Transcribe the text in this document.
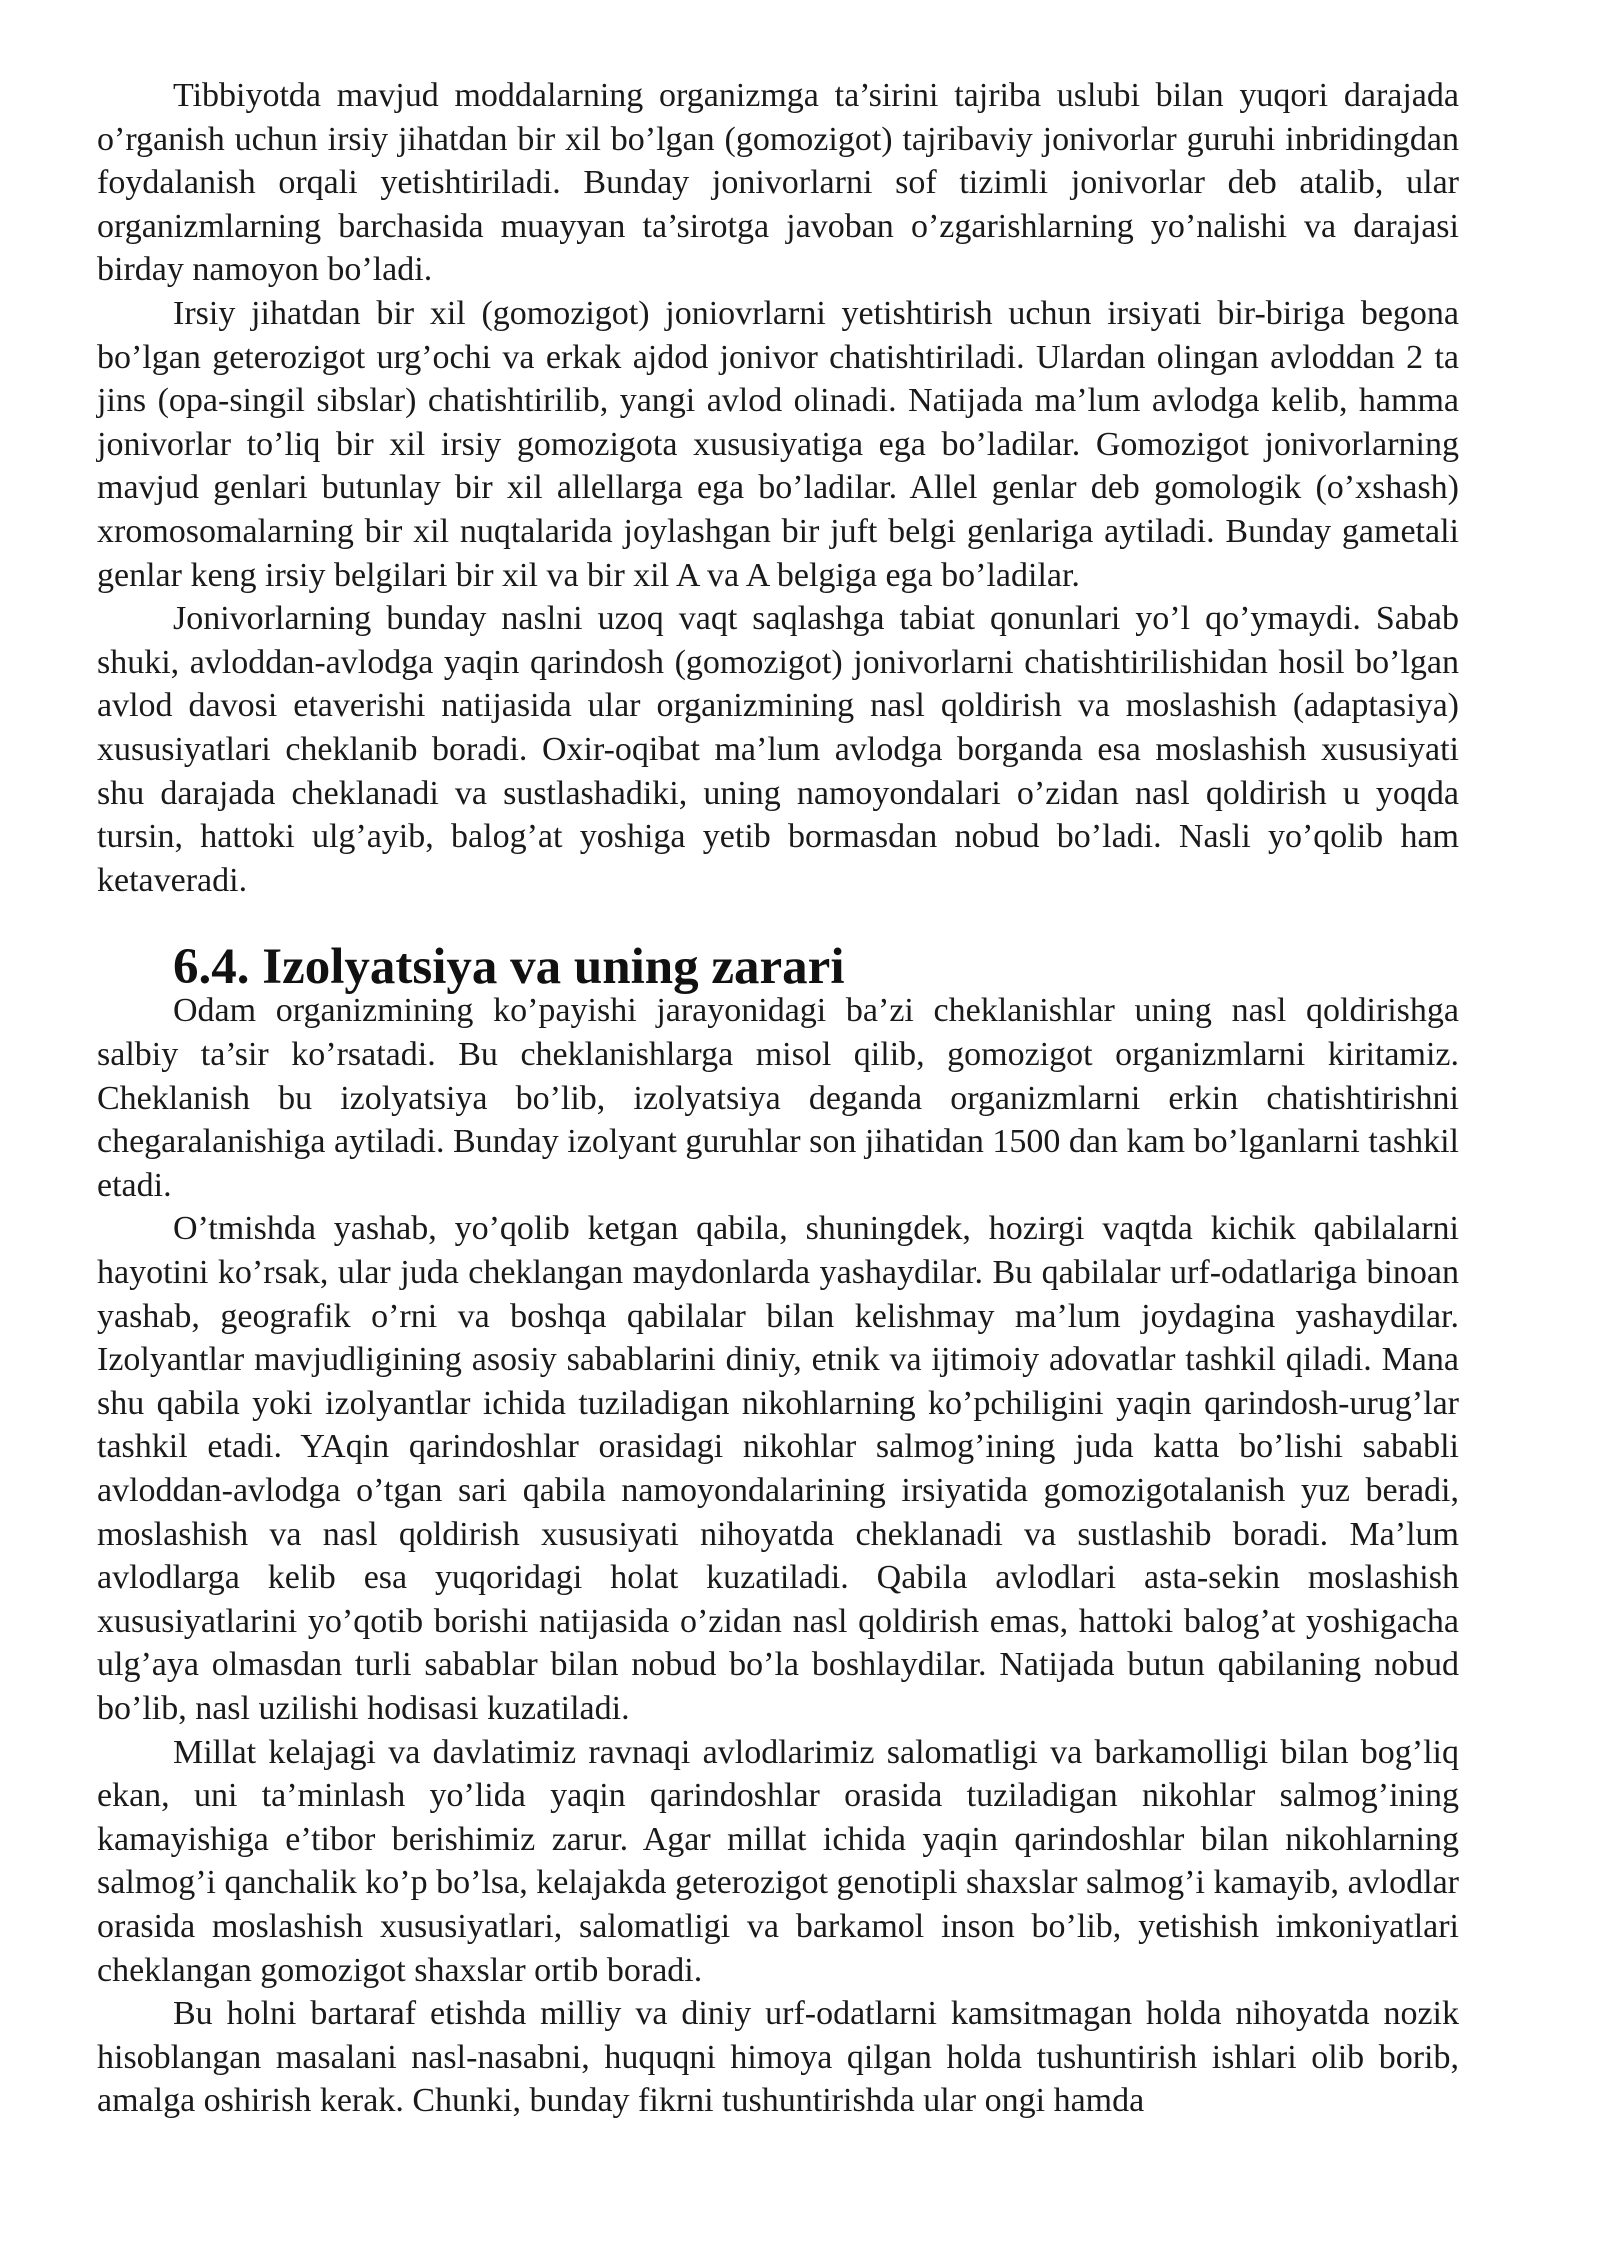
Tibbiyotda mavjud moddalarning organizmga ta’sirini tajriba uslubi bilan yuqori darajada o’rganish uchun irsiy jihatdan bir xil bo’lgan (gomozigot) tajribaviy jonivorlar guruhi inbridingdan foydalanish orqali yetishtiriladi. Bunday jonivorlarni sof tizimli jonivorlar deb atalib, ular organizmlarning barchasida muayyan ta’sirotga javoban o’zgarishlarning yo’nalishi va darajasi birday namoyon bo’ladi.

Irsiy jihatdan bir xil (gomozigot) joniovrlarni yetishtirish uchun irsiyati bir-biriga begona bo’lgan geterozigot urg’ochi va erkak ajdod jonivor chatishtiriladi. Ulardan olingan avloddan 2 ta jins (opa-singil sibslar) chatishtirilib, yangi avlod olinadi. Natijada ma’lum avlodga kelib, hamma jonivorlar to’liq bir xil irsiy gomozigota xususiyatiga ega bo’ladilar. Gomozigot jonivorlarning mavjud genlari butunlay bir xil allellarga ega bo’ladilar. Allel genlar deb gomologik (o’xshash) xromosomalarning bir xil nuqtalarida joylashgan bir juft belgi genlariga aytiladi. Bunday gametali genlar keng irsiy belgilari bir xil va bir xil A va A belgiga ega bo’ladilar.

Jonivorlarning bunday naslni uzoq vaqt saqlashga tabiat qonunlari yo’l qo’ymaydi. Sabab shuki, avloddan-avlodga yaqin qarindosh (gomozigot) jonivorlarni chatishtirilishidan hosil bo’lgan avlod davosi etaverishi natijasida ular organizmining nasl qoldirish va moslashish (adaptasiya) xususiyatlari cheklanib boradi. Oxir-oqibat ma’lum avlodga borganda esa moslashish xususiyati shu darajada cheklanadi va sustlashadiki, uning namoyondalari o’zidan nasl qoldirish u yoqda tursin, hattoki ulg’ayib, balog’at yoshiga yetib bormasdan nobud bo’ladi. Nasli yo’qolib ham ketaveradi.

6.4. Izolyatsiya va uning zarari

Odam organizmining ko’payishi jarayonidagi ba’zi cheklanishlar uning nasl qoldirishga salbiy ta’sir ko’rsatadi. Bu cheklanishlarga misol qilib, gomozigot organizmlarni kiritamiz. Cheklanish bu izolyatsiya bo’lib, izolyatsiya deganda organizmlarni erkin chatishtirishni chegaralanishiga aytiladi. Bunday izolyant guruhlar son jihatidan 1500 dan kam bo’lganlarni tashkil etadi.

O’tmishda yashab, yo’qolib ketgan qabila, shuningdek, hozirgi vaqtda kichik qabilalarni hayotini ko’rsak, ular juda cheklangan maydonlarda yashaydilar. Bu qabilalar urf-odatlariga binoan yashab, geografik o’rni va boshqa qabilalar bilan kelishmay ma’lum joydagina yashaydilar. Izolyantlar mavjudligining asosiy sabablarini diniy, etnik va ijtimoiy adovatlar tashkil qiladi. Mana shu qabila yoki izolyantlar ichida tuziladigan nikohlarning ko’pchiligini yaqin qarindosh-urug’lar tashkil etadi. YAqin qarindoshlar orasidagi nikohlar salmog’ining juda katta bo’lishi sababli avloddan-avlodga o’tgan sari qabila namoyondalarining irsiyatida gomozigotalanish yuz beradi, moslashish va nasl qoldirish xususiyati nihoyatda cheklanadi va sustlashib boradi. Ma’lum avlodlarga kelib esa yuqoridagi holat kuzatiladi. Qabila avlodlari asta-sekin moslashish xususiyatlarini yo’qotib borishi natijasida o’zidan nasl qoldirish emas, hattoki balog’at yoshigacha ulg’aya olmasdan turli sabablar bilan nobud bo’la boshlaydilar. Natijada butun qabilaning nobud bo’lib, nasl uzilishi hodisasi kuzatiladi.

Millat kelajagi va davlatimiz ravnaqi avlodlarimiz salomatligi va barkamolligi bilan bog’liq ekan, uni ta’minlash yo’lida yaqin qarindoshlar orasida tuziladigan nikohlar salmog’ining kamayishiga e’tibor berishimiz zarur. Agar millat ichida yaqin qarindoshlar bilan nikohlarning salmog’i qanchalik ko’p bo’lsa, kelajakda geterozigot genotipli shaxslar salmog’i kamayib, avlodlar orasida moslashish xususiyatlari, salomatligi va barkamol inson bo’lib, yetishish imkoniyatlari cheklangan gomozigot shaxslar ortib boradi.

Bu holni bartaraf etishda milliy va diniy urf-odatlarni kamsitmagan holda nihoyatda nozik hisoblangan masalani nasl-nasabni, huquqni himoya qilgan holda tushuntirish ishlari olib borib, amalga oshirish kerak. Chunki, bunday fikrni tushuntirishda ular ongi hamda
